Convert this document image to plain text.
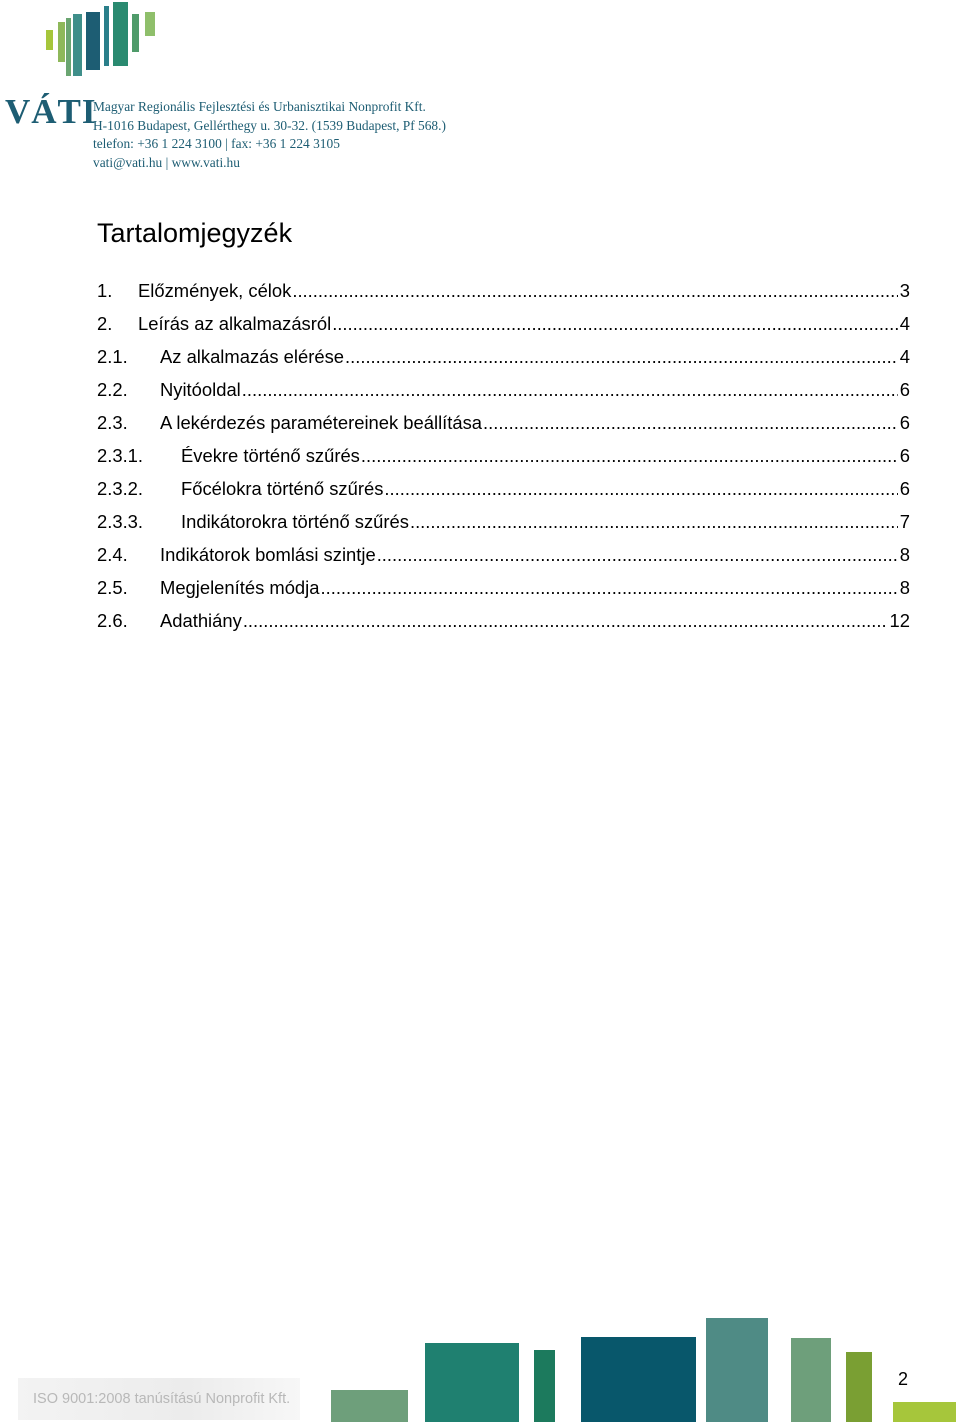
VÁTI
Magyar Regionális Fejlesztési és Urbanisztikai Nonprofit Kft.
H-1016 Budapest, Gellérthegy u. 30-32. (1539 Budapest, Pf 568.)
telefon: +36 1 224 3100 | fax: +36 1 224 3105
vati@vati.hu | www.vati.hu
Tartalomjegyzék
1.	Előzmények, célok .....	3
2.	Leírás az alkalmazásról .....	4
2.1.	Az alkalmazás elérése .....	4
2.2.	Nyitóoldal .....	6
2.3.	A lekérdezés paramétereinek beállítása .....	6
2.3.1.	Évekre történő szűrés .....	6
2.3.2.	Főcélokra történő szűrés .....	6
2.3.3.	Indikátorokra történő szűrés .....	7
2.4.	Indikátorok bomlási szintje .....	8
2.5.	Megjelenítés módja .....	8
2.6.	Adathiány .....	12
ISO 9001:2008 tanúsítású Nonprofit Kft.
2
